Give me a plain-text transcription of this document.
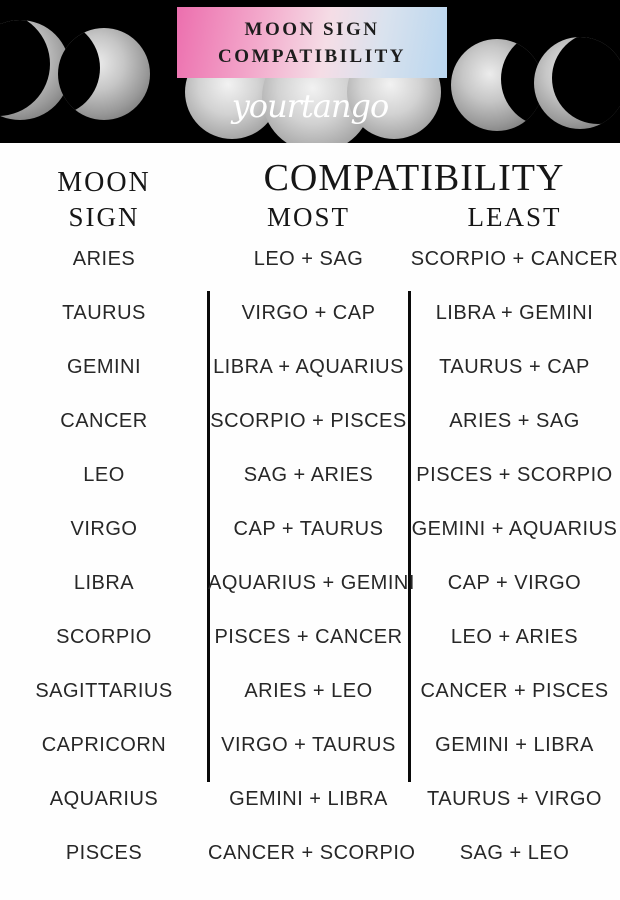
MOON SIGN
COMPATIBILITY
yourtango
MOON	COMPATIBILITY
SIGN	MOST	LEAST
ARIES	LEO + SAG	SCORPIO + CANCER
TAURUS	VIRGO + CAP	LIBRA + GEMINI
GEMINI	LIBRA + AQUARIUS	TAURUS + CAP
CANCER	SCORPIO + PISCES	ARIES + SAG
LEO	SAG + ARIES	PISCES + SCORPIO
VIRGO	CAP + TAURUS	GEMINI + AQUARIUS
LIBRA	AQUARIUS + GEMINI	CAP + VIRGO
SCORPIO	PISCES + CANCER	LEO + ARIES
SAGITTARIUS	ARIES + LEO	CANCER + PISCES
CAPRICORN	VIRGO + TAURUS	GEMINI + LIBRA
AQUARIUS	GEMINI + LIBRA	TAURUS + VIRGO
PISCES	CANCER + SCORPIO	SAG + LEO
